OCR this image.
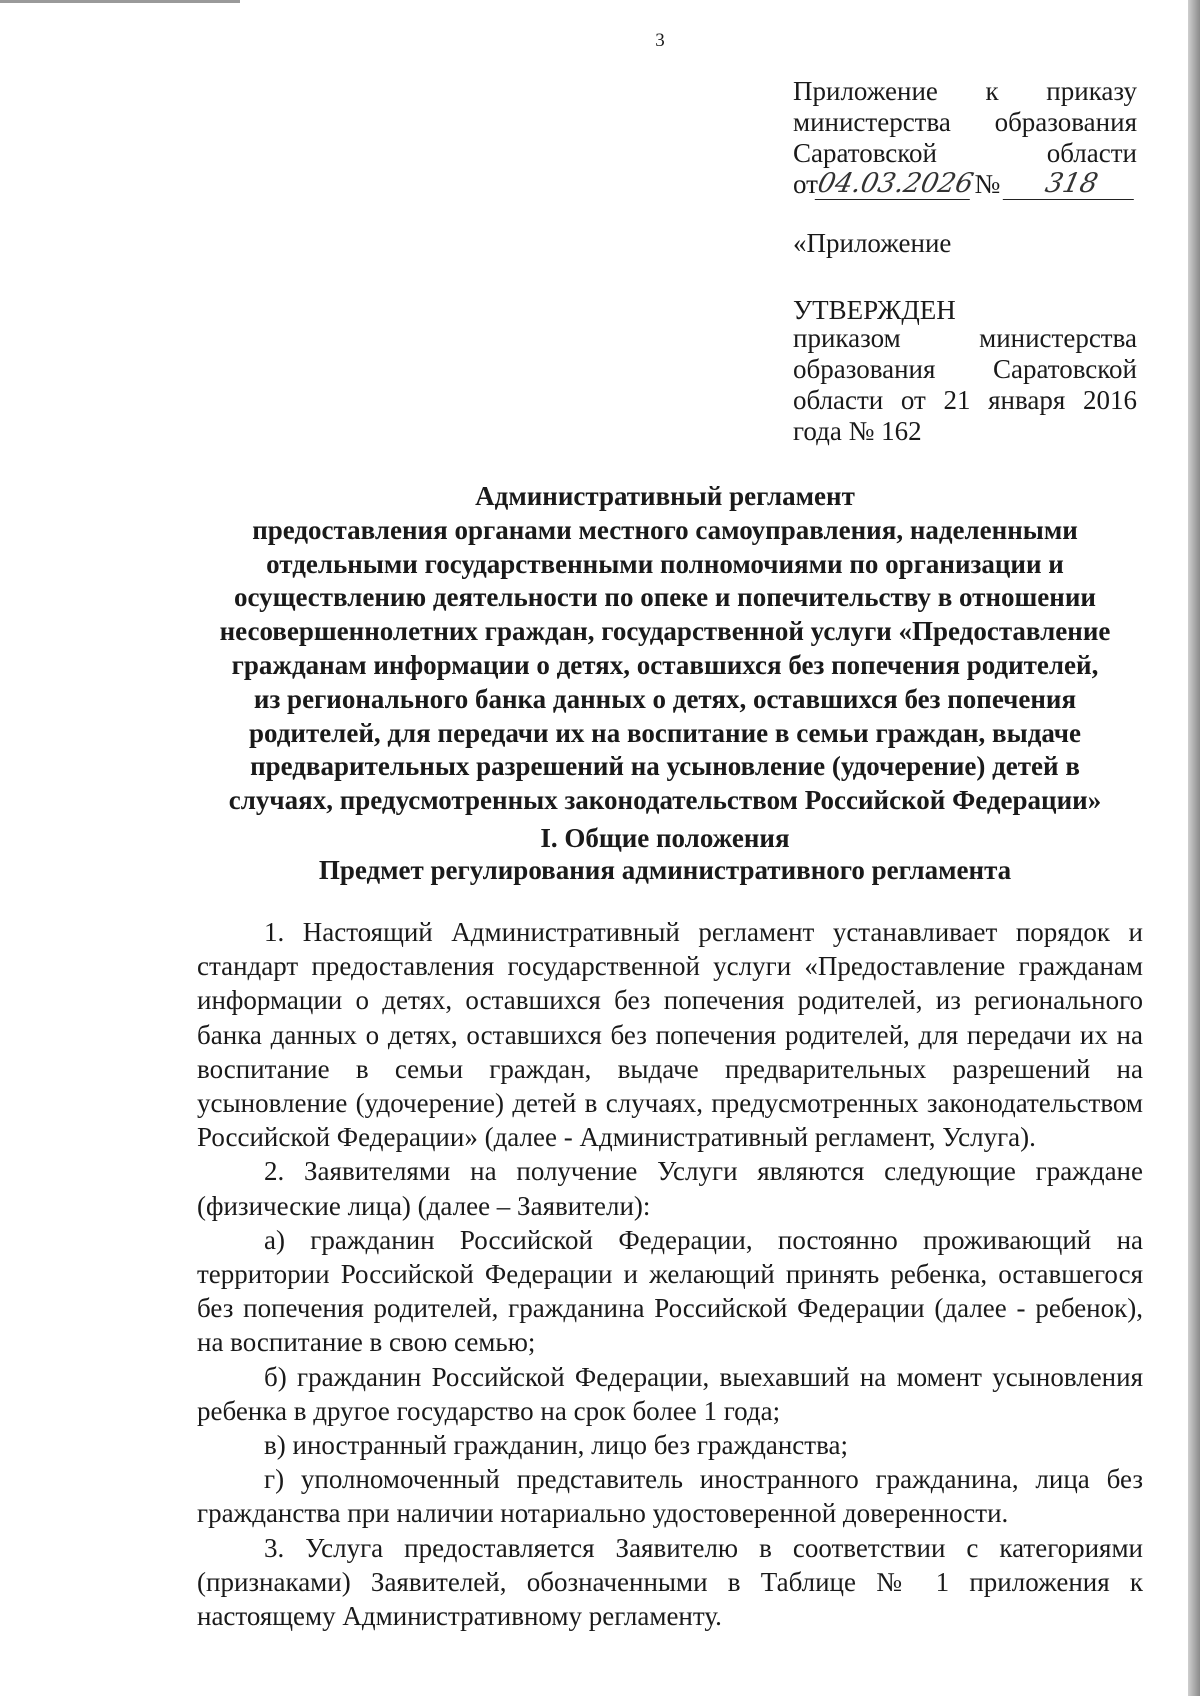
3
Приложение к приказу
министерства образования
Саратовской	области
от
04.03.2026
№	318
«Приложение
УТВЕРЖДЕН
приказом	министерства
образования Саратовской
области от 21 января 2016
года № 162
Административный регламент
предоставления органами местного самоуправления, наделенными
отдельными государственными полномочиями по организации и
осуществлению деятельности по опеке и попечительству в отношении
несовершеннолетних граждан, государственной услуги «Предоставление
гражданам информации о детях, оставшихся без попечения родителей,
из регионального банка данных о детях, оставшихся без попечения
родителей, для передачи их на воспитание в семьи граждан, выдаче
предварительных разрешений на усыновление (удочерение) детей в
случаях, предусмотренных законодательством Российской Федерации»
I. Общие положения
Предмет регулирования административного регламента

1. Настоящий Административный регламент устанавливает порядок и стандарт предоставления государственной услуги «Предоставление гражданам информации о детях, оставшихся без попечения родителей, из регионального банка данных о детях, оставшихся без попечения родителей, для передачи их на воспитание в семьи граждан, выдаче предварительных разрешений на усыновление (удочерение) детей в случаях, предусмотренных законодательством Российской Федерации» (далее - Административный регламент, Услуга).

2. Заявителями на получение Услуги являются следующие граждане (физические лица) (далее – Заявители):

а) гражданин Российской Федерации, постоянно проживающий на территории Российской Федерации и желающий принять ребенка, оставшегося без попечения родителей, гражданина Российской Федерации (далее - ребенок), на воспитание в свою семью;

б) гражданин Российской Федерации, выехавший на момент усыновления ребенка в другое государство на срок более 1 года;

в) иностранный гражданин, лицо без гражданства;

г) уполномоченный представитель иностранного гражданина, лица без гражданства при наличии нотариально удостоверенной доверенности.

3. Услуга предоставляется Заявителю в соответствии с категориями (признаками) Заявителей, обозначенными в Таблице № 1 приложения к настоящему Административному регламенту.
